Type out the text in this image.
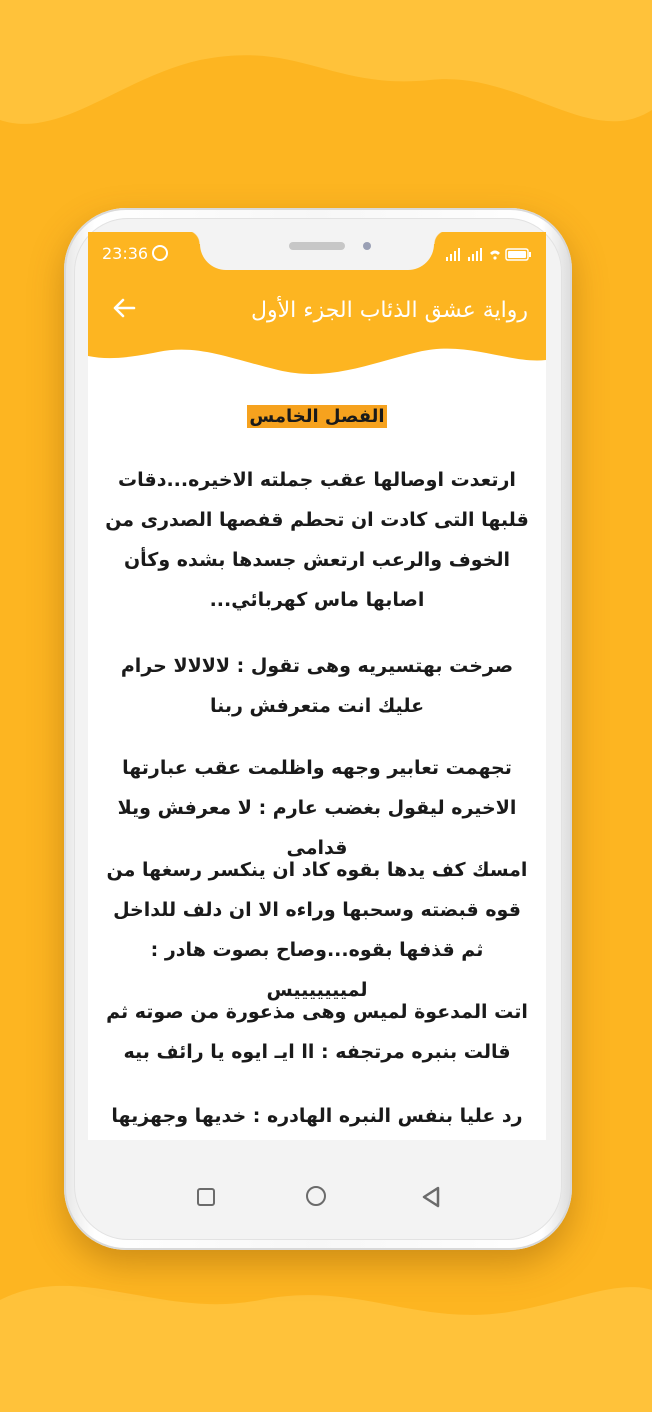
23:36
رواية عشق الذئاب الجزء الأول
الفصل الخامس
ارتعدت اوصالها عقب جملته الاخيره...دقات قلبها التى كادت ان تحطم قفصها الصدرى من الخوف والرعب ارتعش جسدها بشده وكأن اصابها ماس كهربائي...
صرخت بهتسيريه وهى تقول : لالالالا حرام عليك انت متعرفش ربنا
تجهمت تعابير وجهه واظلمت عقب عبارتها الاخيره ليقول بغضب عارم : لا معرفش ويلا قدامى
امسك كف يدها بقوه كاد ان ينكسر رسغها من قوه قبضته وسحبها وراءه الا ان دلف للداخل ثم قذفها بقوه...وصاح بصوت هادر : لميييييييس
اتت المدعوة لميس وهى مذعورة من صوته ثم قالت بنبره مرتجفه : اا ايـ ايوه يا رائف بيه
رد عليا بنفس النبره الهادره : خديها وجهزيها
